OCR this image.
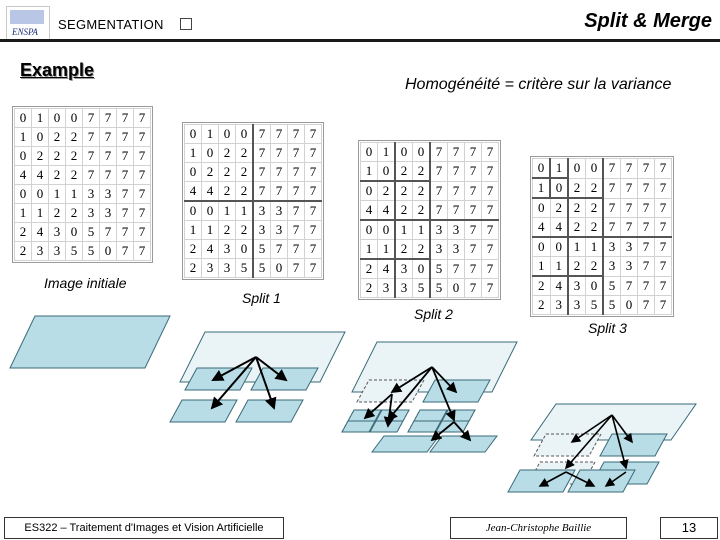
ENSPA SEGMENTATION	Split & Merge
Example
Homogénéité = critère sur la variance
0	1	0	0	7	7	7	7
1	0	2	2	7	7	7	7
0	2	2	2	7	7	7	7
4	4	2	2	7	7	7	7
0	0	1	1	3	3	7	7
1	1	2	2	3	3	7	7
2	4	3	0	5	7	7	7
2	3	3	5	5	0	7	7
0	1	0	0	7	7	7	7
1	0	2	2	7	7	7	7
0	2	2	2	7	7	7	7
4	4	2	2	7	7	7	7
0	0	1	1	3	3	7	7
1	1	2	2	3	3	7	7
2	4	3	0	5	7	7	7
2	3	3	5	5	0	7	7
0	1	0	0	7	7	7	7
1	0	2	2	7	7	7	7
0	2	2	2	7	7	7	7
4	4	2	2	7	7	7	7
0	0	1	1	3	3	7	7
1	1	2	2	3	3	7	7
2	4	3	0	5	7	7	7
2	3	3	5	5	0	7	7
0	1	0	0	7	7	7	7
1	0	2	2	7	7	7	7
0	2	2	2	7	7	7	7
4	4	2	2	7	7	7	7
0	0	1	1	3	3	7	7
1	1	2	2	3	3	7	7
2	4	3	0	5	7	7	7
2	3	3	5	5	0	7	7
Image initiale
Split 1
Split 2
Split 3
ES322 – Traitement d'Images et Vision Artificielle	Jean-Christophe Baillie	13
